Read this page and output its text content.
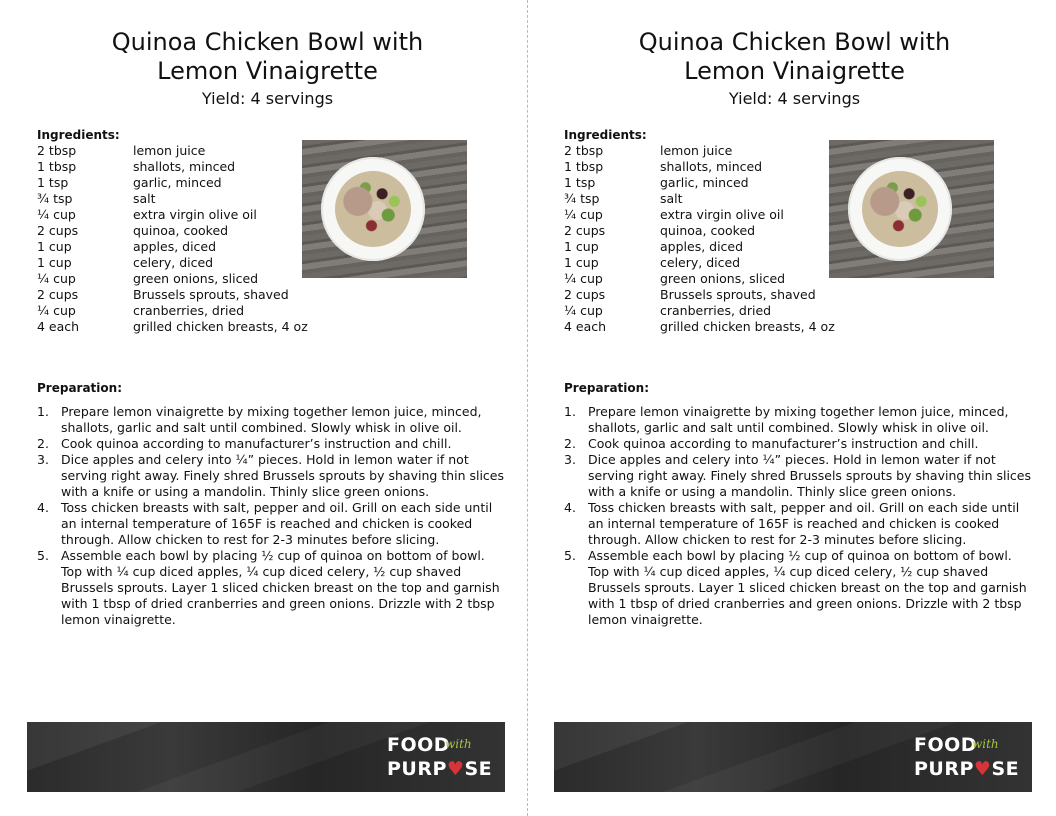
Quinoa Chicken Bowl with
Lemon Vinaigrette
Yield: 4 servings
Ingredients:
2 tbsp	lemon juice
1 tbsp	shallots, minced
1 tsp	garlic, minced
¾ tsp	salt
¼ cup	extra virgin olive oil
2 cups	quinoa, cooked
1 cup	apples, diced
1 cup	celery, diced
¼ cup	green onions, sliced
2 cups	Brussels sprouts, shaved
¼ cup	cranberries, dried
4 each	grilled chicken breasts, 4 oz
Preparation:
1. Prepare lemon vinaigrette by mixing together lemon juice, minced, shallots, garlic and salt until combined. Slowly whisk in olive oil.
2. Cook quinoa according to manufacturer’s instruction and chill.
3. Dice apples and celery into ¼” pieces. Hold in lemon water if not serving right away. Finely shred Brussels sprouts by shaving thin slices with a knife or using a mandolin. Thinly slice green onions.
4. Toss chicken breasts with salt, pepper and oil. Grill on each side until an internal temperature of 165F is reached and chicken is cooked through. Allow chicken to rest for 2-3 minutes before slicing.
5. Assemble each bowl by placing ½ cup of quinoa on bottom of bowl. Top with ¼ cup diced apples, ¼ cup diced celery, ½ cup shaved Brussels sprouts. Layer 1 sliced chicken breast on the top and garnish with 1 tbsp of dried cranberries and green onions. Drizzle with 2 tbsp lemon vinaigrette.
FOOD
with
PURP♥SE
Quinoa Chicken Bowl with
Lemon Vinaigrette
Yield: 4 servings
Ingredients:
2 tbsp	lemon juice
1 tbsp	shallots, minced
1 tsp	garlic, minced
¾ tsp	salt
¼ cup	extra virgin olive oil
2 cups	quinoa, cooked
1 cup	apples, diced
1 cup	celery, diced
¼ cup	green onions, sliced
2 cups	Brussels sprouts, shaved
¼ cup	cranberries, dried
4 each	grilled chicken breasts, 4 oz
Preparation:
1. Prepare lemon vinaigrette by mixing together lemon juice, minced, shallots, garlic and salt until combined. Slowly whisk in olive oil.
2. Cook quinoa according to manufacturer’s instruction and chill.
3. Dice apples and celery into ¼” pieces. Hold in lemon water if not serving right away. Finely shred Brussels sprouts by shaving thin slices with a knife or using a mandolin. Thinly slice green onions.
4. Toss chicken breasts with salt, pepper and oil. Grill on each side until an internal temperature of 165F is reached and chicken is cooked through. Allow chicken to rest for 2-3 minutes before slicing.
5. Assemble each bowl by placing ½ cup of quinoa on bottom of bowl. Top with ¼ cup diced apples, ¼ cup diced celery, ½ cup shaved Brussels sprouts. Layer 1 sliced chicken breast on the top and garnish with 1 tbsp of dried cranberries and green onions. Drizzle with 2 tbsp lemon vinaigrette.
FOOD
with
PURP♥SE
